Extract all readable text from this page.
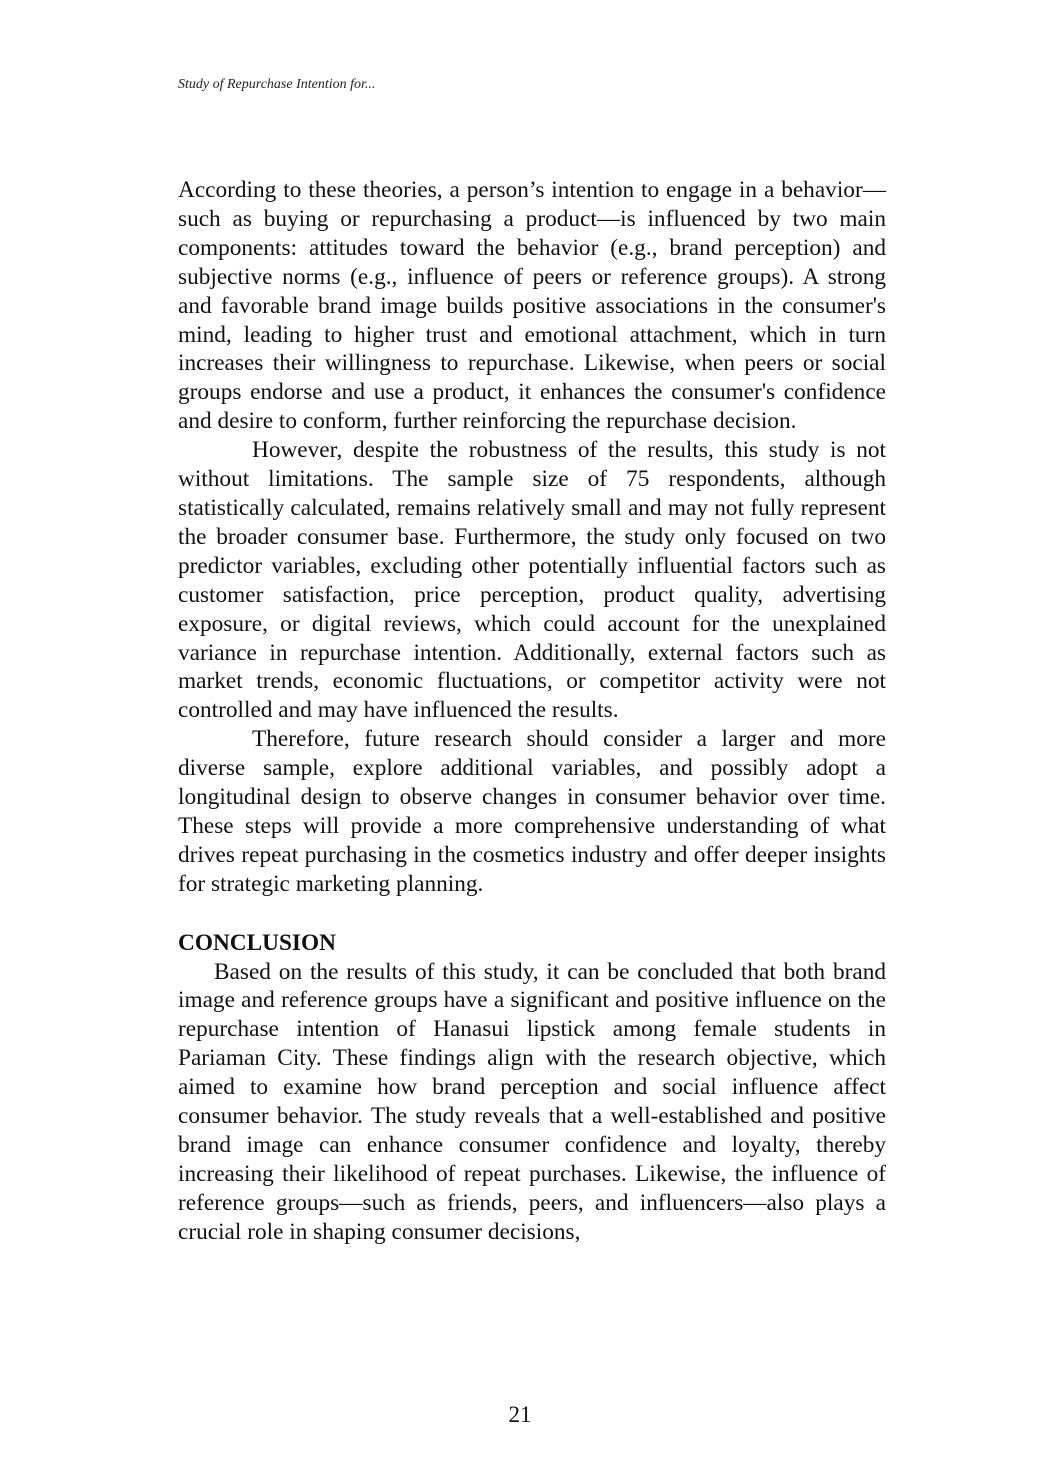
Study of Repurchase Intention for...

According to these theories, a person’s intention to engage in a behavior—such as buying or repurchasing a product—is influenced by two main components: attitudes toward the behavior (e.g., brand perception) and subjective norms (e.g., influence of peers or reference groups). A strong and favorable brand image builds positive associations in the consumer's mind, leading to higher trust and emotional attachment, which in turn increases their willingness to repurchase. Likewise, when peers or social groups endorse and use a product, it enhances the consumer's confidence and desire to conform, further reinforcing the repurchase decision.

However, despite the robustness of the results, this study is not without limitations. The sample size of 75 respondents, although statistically calculated, remains relatively small and may not fully represent the broader consumer base. Furthermore, the study only focused on two predictor variables, excluding other potentially influential factors such as customer satisfaction, price perception, product quality, advertising exposure, or digital reviews, which could account for the unexplained variance in repurchase intention. Additionally, external factors such as market trends, economic fluctuations, or competitor activity were not controlled and may have influenced the results.

Therefore, future research should consider a larger and more diverse sample, explore additional variables, and possibly adopt a longitudinal design to observe changes in consumer behavior over time. These steps will provide a more comprehensive understanding of what drives repeat purchasing in the cosmetics industry and offer deeper insights for strategic marketing planning.

CONCLUSION

Based on the results of this study, it can be concluded that both brand image and reference groups have a significant and positive influence on the repurchase intention of Hanasui lipstick among female students in Pariaman City. These findings align with the research objective, which aimed to examine how brand perception and social influence affect consumer behavior. The study reveals that a well-established and positive brand image can enhance consumer confidence and loyalty, thereby increasing their likelihood of repeat purchases. Likewise, the influence of reference groups—such as friends, peers, and influencers—also plays a crucial role in shaping consumer decisions,

21
